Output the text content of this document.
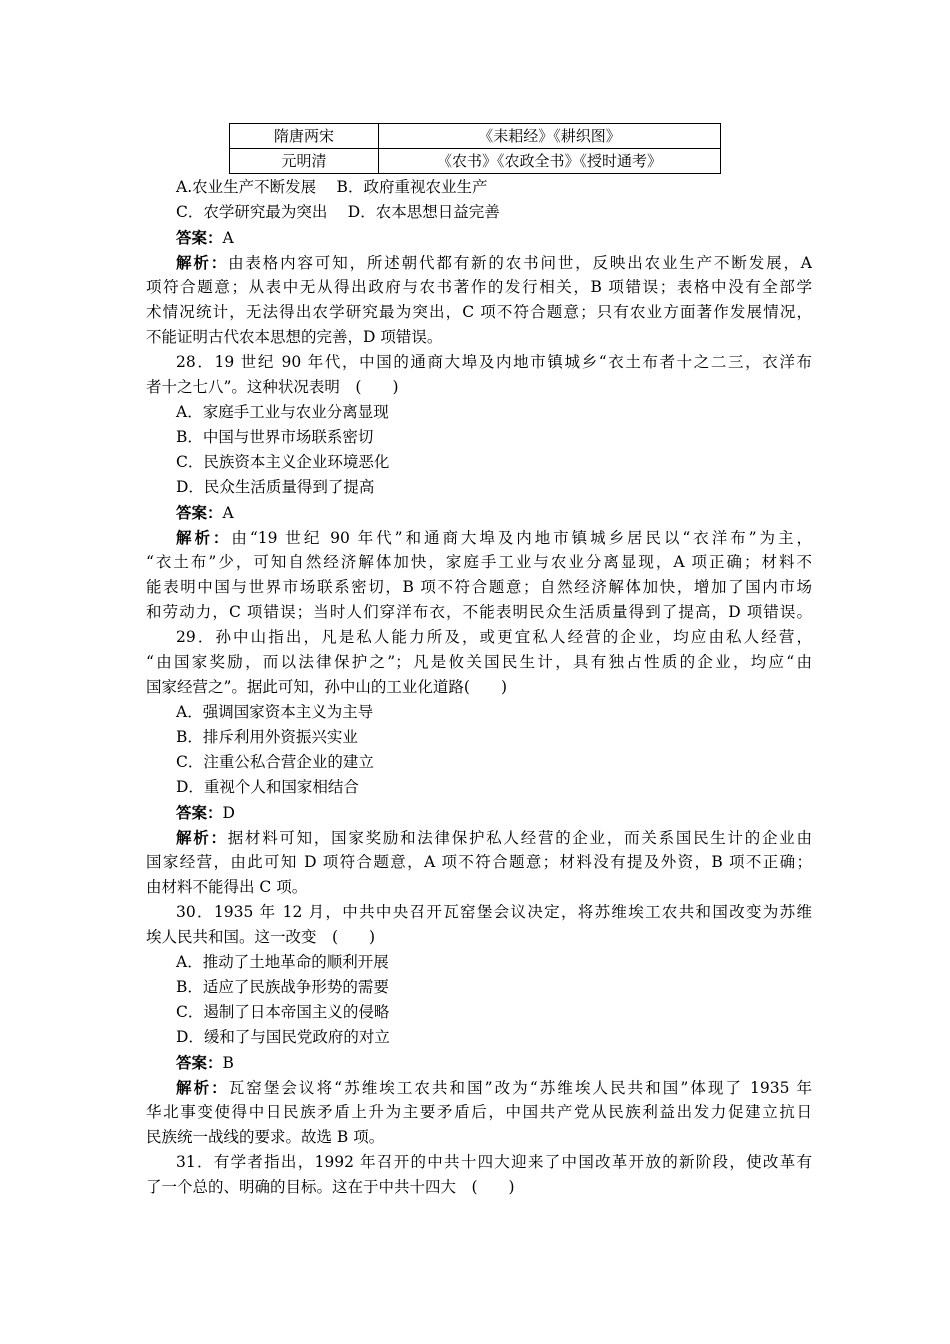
隋唐两宋	《耒耜经》《耕织图》
元明清	《农书》《农政全书》《授时通考》
A.农业生产不断发展　 B．政府重视农业生产
C．农学研究最为突出　 D．农本思想日益完善
答案：A
解析：由表格内容可知，所述朝代都有新的农书问世，反映出农业生产不断发展，A
项符合题意；从表中无从得出政府与农书著作的发行相关，B 项错误；表格中没有全部学
术情况统计，无法得出农学研究最为突出，C 项不符合题意；只有农业方面著作发展情况，
不能证明古代农本思想的完善，D 项错误。
28．19 世纪 90 年代，中国的通商大埠及内地市镇城乡“衣土布者十之二三，衣洋布
者十之七八”。这种状况表明　(　　)
A．家庭手工业与农业分离显现
B．中国与世界市场联系密切
C．民族资本主义企业环境恶化
D．民众生活质量得到了提高
答案：A
解析：由“19 世纪 90 年代”和通商大埠及内地市镇城乡居民以“衣洋布”为主，
“衣土布”少，可知自然经济解体加快，家庭手工业与农业分离显现，A 项正确；材料不
能表明中国与世界市场联系密切，B 项不符合题意；自然经济解体加快，增加了国内市场
和劳动力，C 项错误；当时人们穿洋布衣，不能表明民众生活质量得到了提高，D 项错误。
29．孙中山指出，凡是私人能力所及，或更宜私人经营的企业，均应由私人经营，
“由国家奖励，而以法律保护之”；凡是攸关国民生计，具有独占性质的企业，均应“由
国家经营之”。据此可知，孙中山的工业化道路(　　)
A．强调国家资本主义为主导
B．排斥利用外资振兴实业
C．注重公私合营企业的建立
D．重视个人和国家相结合
答案：D
解析：据材料可知，国家奖励和法律保护私人经营的企业，而关系国民生计的企业由
国家经营，由此可知 D 项符合题意，A 项不符合题意；材料没有提及外资，B 项不正确；
由材料不能得出 C 项。
30．1935 年 12 月，中共中央召开瓦窑堡会议决定，将苏维埃工农共和国改变为苏维
埃人民共和国。这一改变　(　　)
A．推动了土地革命的顺利开展
B．适应了民族战争形势的需要
C．遏制了日本帝国主义的侵略
D．缓和了与国民党政府的对立
答案：B
解析：瓦窑堡会议将“苏维埃工农共和国”改为“苏维埃人民共和国”体现了 1935 年
华北事变使得中日民族矛盾上升为主要矛盾后，中国共产党从民族利益出发力促建立抗日
民族统一战线的要求。故选 B 项。
31．有学者指出，1992 年召开的中共十四大迎来了中国改革开放的新阶段，使改革有
了一个总的、明确的目标。这在于中共十四大　(　　)
